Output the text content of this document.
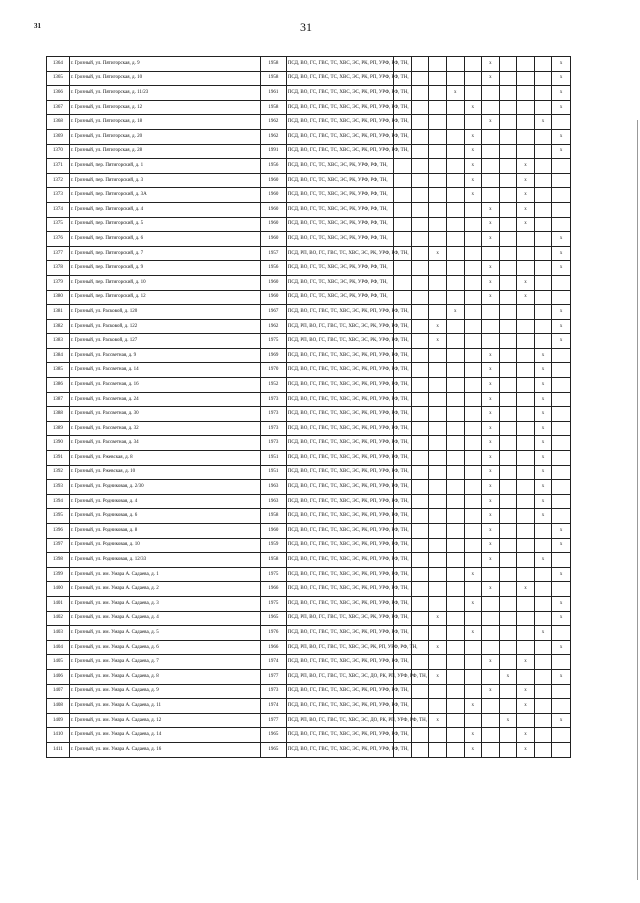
31	31
1364	г. Грозный, ул. Пятигорская, д. 9	1958	ПСД, ВО, ГС, ГВС, ТС, ХВС, ЭС, РК, РП, УРФ, РФ, ТН,						x				x
1365	г. Грозный, ул. Пятигорская, д. 10	1958	ПСД, ВО, ГС, ГВС, ТС, ХВС, ЭС, РК, РП, УРФ, РФ, ТН,						x				x
1366	г. Грозный, ул. Пятигорская, д. 11/23	1961	ПСД, ВО, ГС, ГВС, ТС, ХВС, ЭС, РК, РП, УРФ, РФ, ТН,				x						x
1367	г. Грозный, ул. Пятигорская, д. 12	1958	ПСД, ВО, ГС, ГВС, ТС, ХВС, ЭС, РК, РП, УРФ, РФ, ТН,					x					x
1368	г. Грозный, ул. Пятигорская, д. 18	1962	ПСД, ВО, ГС, ГВС, ТС, ХВС, ЭС, РК, РП, УРФ, РФ, ТН,						x			x	
1369	г. Грозный, ул. Пятигорская, д. 20	1962	ПСД, ВО, ГС, ГВС, ТС, ХВС, ЭС, РК, РП, УРФ, РФ, ТН,					x					x
1370	г. Грозный, ул. Пятигорская, д. 28	1991	ПСД, ВО, ГС, ГВС, ТС, ХВС, ЭС, РК, РП, УРФ, РФ, ТН,					x					x
1371	г. Грозный, пер. Пятигорский, д. 1	1956	ПСД, ВО, ГС, ТС, ХВС, ЭС, РК, УРФ, РФ, ТН,					x			x		
1372	г. Грозный, пер. Пятигорский, д. 3	1960	ПСД, ВО, ГС, ТС, ХВС, ЭС, РК, УРФ, РФ, ТН,					x			x		
1373	г. Грозный, пер. Пятигорский, д. 3А	1960	ПСД, ВО, ГС, ТС, ХВС, ЭС, РК, УРФ, РФ, ТН,					x			x		
1374	г. Грозный, пер. Пятигорский, д. 4	1960	ПСД, ВО, ГС, ТС, ХВС, ЭС, РК, УРФ, РФ, ТН,						x		x		
1375	г. Грозный, пер. Пятигорский, д. 5	1960	ПСД, ВО, ГС, ТС, ХВС, ЭС, РК, УРФ, РФ, ТН,						x		x		
1376	г. Грозный, пер. Пятигорский, д. 6	1960	ПСД, ВО, ГС, ТС, ХВС, ЭС, РК, УРФ, РФ, ТН,						x				x
1377	г. Грозный, пер. Пятигорский, д. 7	1957	ПСД, РП, ВО, ГС, ГВС, ТС, ХВС, ЭС, РК, УРФ, РФ, ТН,			x							x
1378	г. Грозный, пер. Пятигорский, д. 9	1956	ПСД, ВО, ГС, ТС, ХВС, ЭС, РК, УРФ, РФ, ТН,						x				x
1379	г. Грозный, пер. Пятигорский, д. 10	1960	ПСД, ВО, ГС, ТС, ХВС, ЭС, РК, УРФ, РФ, ТН,						x		x		
1380	г. Грозный, пер. Пятигорский, д. 12	1960	ПСД, ВО, ГС, ТС, ХВС, ЭС, РК, УРФ, РФ, ТН,						x		x		
1381	г. Грозный, ул. Расковой, д. 120	1967	ПСД, ВО, ГС, ГВС, ТС, ХВС, ЭС, РК, РП, УРФ, РФ, ТН,				x						x
1382	г. Грозный, ул. Расковой, д. 122	1962	ПСД, РП, ВО, ГС, ГВС, ТС, ХВС, ЭС, РК, УРФ, РФ, ТН,			x							x
1383	г. Грозный, ул. Расковой, д. 127	1975	ПСД, РП, ВО, ГС, ГВС, ТС, ХВС, ЭС, РК, УРФ, РФ, ТН,			x							x
1384	г. Грозный, ул. Рассветная, д. 9	1969	ПСД, ВО, ГС, ГВС, ТС, ХВС, ЭС, РК, РП, УРФ, РФ, ТН,						x			x	
1385	г. Грозный, ул. Рассветная, д. 14	1970	ПСД, ВО, ГС, ГВС, ТС, ХВС, ЭС, РК, РП, УРФ, РФ, ТН,						x			x	
1386	г. Грозный, ул. Рассветная, д. 16	1952	ПСД, ВО, ГС, ГВС, ТС, ХВС, ЭС, РК, РП, УРФ, РФ, ТН,						x			x	
1387	г. Грозный, ул. Рассветная, д. 24	1973	ПСД, ВО, ГС, ГВС, ТС, ХВС, ЭС, РК, РП, УРФ, РФ, ТН,						x			x	
1388	г. Грозный, ул. Рассветная, д. 30	1973	ПСД, ВО, ГС, ГВС, ТС, ХВС, ЭС, РК, РП, УРФ, РФ, ТН,						x			x	
1389	г. Грозный, ул. Рассветная, д. 32	1973	ПСД, ВО, ГС, ГВС, ТС, ХВС, ЭС, РК, РП, УРФ, РФ, ТН,						x			x	
1390	г. Грозный, ул. Рассветная, д. 34	1973	ПСД, ВО, ГС, ГВС, ТС, ХВС, ЭС, РК, РП, УРФ, РФ, ТН,						x			x	
1391	г. Грозный, ул. Ржевская, д. 8	1951	ПСД, ВО, ГС, ГВС, ТС, ХВС, ЭС, РК, РП, УРФ, РФ, ТН,						x			x	
1392	г. Грозный, ул. Ржевская, д. 10	1951	ПСД, ВО, ГС, ГВС, ТС, ХВС, ЭС, РК, РП, УРФ, РФ, ТН,						x			x	
1393	г. Грозный, ул. Родниковая, д. 2/30	1963	ПСД, ВО, ГС, ГВС, ТС, ХВС, ЭС, РК, РП, УРФ, РФ, ТН,						x			x	
1394	г. Грозный, ул. Родниковая, д. 4	1963	ПСД, ВО, ГС, ГВС, ТС, ХВС, ЭС, РК, РП, УРФ, РФ, ТН,						x			x	
1395	г. Грозный, ул. Родниковая, д. 6	1958	ПСД, ВО, ГС, ГВС, ТС, ХВС, ЭС, РК, РП, УРФ, РФ, ТН,						x			x	
1396	г. Грозный, ул. Родниковая, д. 8	1960	ПСД, ВО, ГС, ГВС, ТС, ХВС, ЭС, РК, РП, УРФ, РФ, ТН,						x				x
1397	г. Грозный, ул. Родниковая, д. 10	1959	ПСД, ВО, ГС, ГВС, ТС, ХВС, ЭС, РК, РП, УРФ, РФ, ТН,						x				x
1398	г. Грозный, ул. Родниковая, д. 12/33	1958	ПСД, ВО, ГС, ГВС, ТС, ХВС, ЭС, РК, РП, УРФ, РФ, ТН,						x			x	
1399	г. Грозный, ул. им. Умара А. Садаева, д. 1	1975	ПСД, ВО, ГС, ГВС, ТС, ХВС, ЭС, РК, РП, УРФ, РФ, ТН,					x					x
1400	г. Грозный, ул. им. Умара А. Садаева, д. 2	1966	ПСД, ВО, ГС, ГВС, ТС, ХВС, ЭС, РК, РП, УРФ, РФ, ТН,						x		x		
1401	г. Грозный, ул. им. Умара А. Садаева, д. 3	1975	ПСД, ВО, ГС, ГВС, ТС, ХВС, ЭС, РК, РП, УРФ, РФ, ТН,					x					x
1402	г. Грозный, ул. им. Умара А. Садаева, д. 4	1965	ПСД, РП, ВО, ГС, ГВС, ТС, ХВС, ЭС, РК, УРФ, РФ, ТН,			x							x
1403	г. Грозный, ул. им. Умара А. Садаева, д. 5	1976	ПСД, ВО, ГС, ГВС, ТС, ХВС, ЭС, РК, РП, УРФ, РФ, ТН,					x				x	
1404	г. Грозный, ул. им. Умара А. Садаева, д. 6	1966	ПСД, РП, ВО, ГС, ГВС, ТС, ХВС, ЭС, РК, РП, УРФ, РФ, ТН,			x							x
1405	г. Грозный, ул. им. Умара А. Садаева, д. 7	1974	ПСД, ВО, ГС, ГВС, ТС, ХВС, ЭС, РК, РП, УРФ, РФ, ТН,						x		x		
1406	г. Грозный, ул. им. Умара А. Садаева, д. 8	1977	ПСД, РП, ВО, ГС, ГВС, ТС, ХВС, ЭС, ДО, РК, РП, УРФ, РФ, ТН,			x				x			x
1407	г. Грозный, ул. им. Умара А. Садаева, д. 9	1973	ПСД, ВО, ГС, ГВС, ТС, ХВС, ЭС, РК, РП, УРФ, РФ, ТН,						x		x		
1408	г. Грозный, ул. им. Умара А. Садаева, д. 11	1974	ПСД, ВО, ГС, ГВС, ТС, ХВС, ЭС, РК, РП, УРФ, РФ, ТН,					x			x		
1409	г. Грозный, ул. им. Умара А. Садаева, д. 12	1977	ПСД, РП, ВО, ГС, ГВС, ТС, ХВС, ЭС, ДО, РК, РП, УРФ, РФ, ТН,			x				x			x
1410	г. Грозный, ул. им. Умара А. Садаева, д. 14	1965	ПСД, ВО, ГС, ГВС, ТС, ХВС, ЭС, РК, РП, УРФ, РФ, ТН,					x			x		
1411	г. Грозный, ул. им. Умара А. Садаева, д. 16	1965	ПСД, ВО, ГС, ГВС, ТС, ХВС, ЭС, РК, РП, УРФ, РФ, ТН,					x			x		
